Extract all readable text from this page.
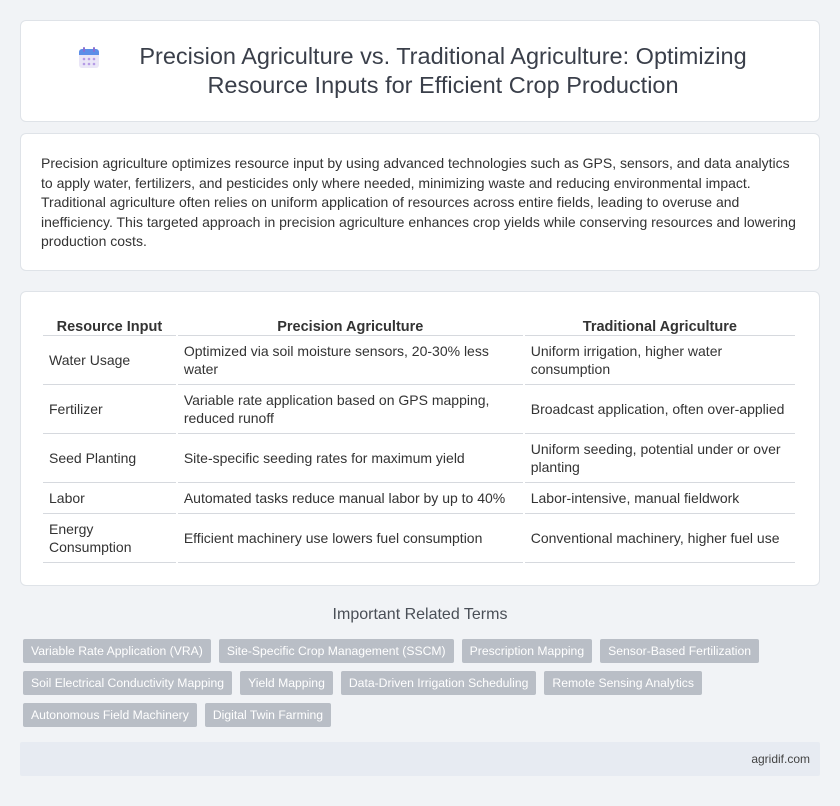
Precision Agriculture vs. Traditional Agriculture: Optimizing Resource Inputs for Efficient Crop Production

Precision agriculture optimizes resource input by using advanced technologies such as GPS, sensors, and data analytics to apply water, fertilizers, and pesticides only where needed, minimizing waste and reducing environmental impact. Traditional agriculture often relies on uniform application of resources across entire fields, leading to overuse and inefficiency. This targeted approach in precision agriculture enhances crop yields while conserving resources and lowering production costs.

Resource Input	Precision Agriculture	Traditional Agriculture
Water Usage	Optimized via soil moisture sensors, 20-30% less water	Uniform irrigation, higher water consumption
Fertilizer	Variable rate application based on GPS mapping, reduced runoff	Broadcast application, often over-applied
Seed Planting	Site-specific seeding rates for maximum yield	Uniform seeding, potential under or over planting
Labor	Automated tasks reduce manual labor by up to 40%	Labor-intensive, manual fieldwork
Energy Consumption	Efficient machinery use lowers fuel consumption	Conventional machinery, higher fuel use
Important Related Terms
Variable Rate Application (VRA)	Site-Specific Crop Management (SSCM)	Prescription Mapping	Sensor-Based Fertilization
Soil Electrical Conductivity Mapping	Yield Mapping	Data-Driven Irrigation Scheduling	Remote Sensing Analytics
Autonomous Field Machinery	Digital Twin Farming
agridif.com
